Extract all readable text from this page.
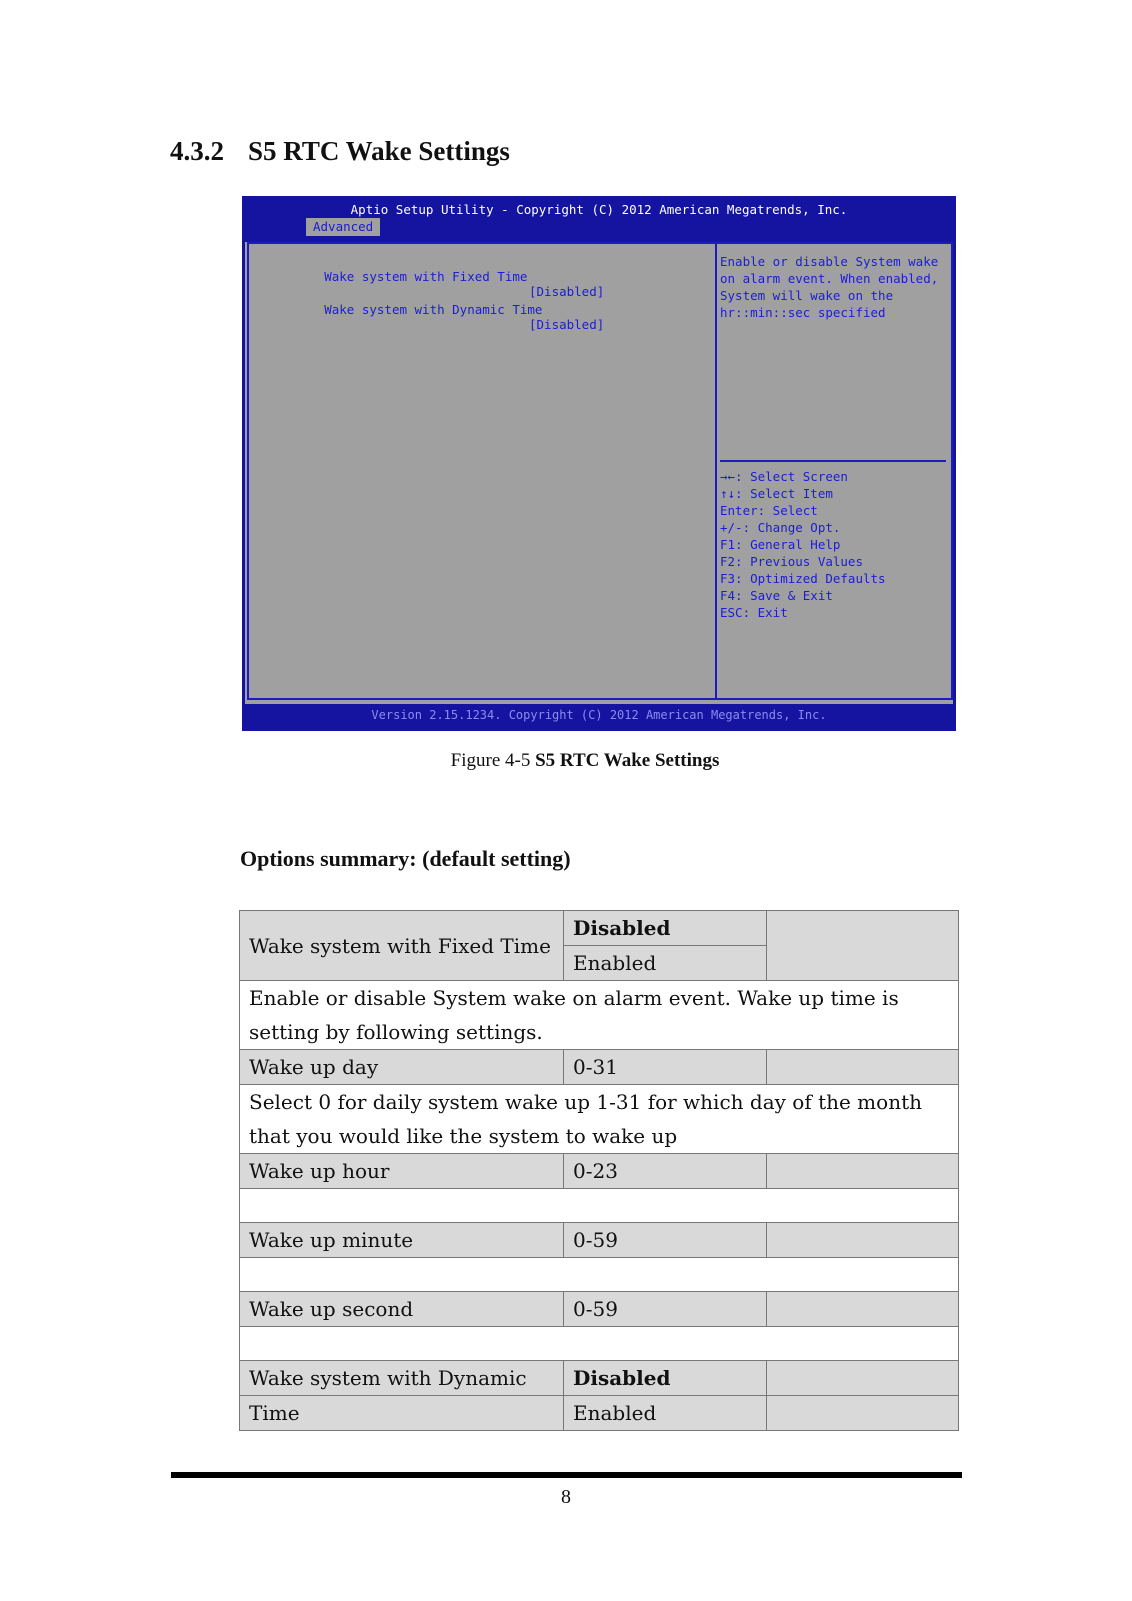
4.3.2 S5 RTC Wake Settings
Aptio Setup Utility - Copyright (C) 2012 American Megatrends, Inc.
Advanced

Wake system with Fixed Time

[Disabled]

Wake system with Dynamic Time

[Disabled]

Enable or disable System wake
on alarm event. When enabled,
System will wake on the
hr::min::sec specified
→←: Select Screen
↑↓: Select Item
Enter: Select
+/-: Change Opt.
F1: General Help
F2: Previous Values
F3: Optimized Defaults
F4: Save & Exit
ESC: Exit
Version 2.15.1234. Copyright (C) 2012 American Megatrends, Inc.
Figure 4-5 S5 RTC Wake Settings
Options summary: (default setting)
Wake system with Fixed Time	Disabled	
	Enabled	
Enable or disable System wake on alarm event. Wake up time is setting by following settings.		
Wake up day	0-31	
Select 0 for daily system wake up 1-31 for which day of the month that you would like the system to wake up		
Wake up hour	0-23	

Wake up minute	0-59	

Wake up second	0-59	

Wake system with Dynamic	Disabled	
Time	Enabled	
8
